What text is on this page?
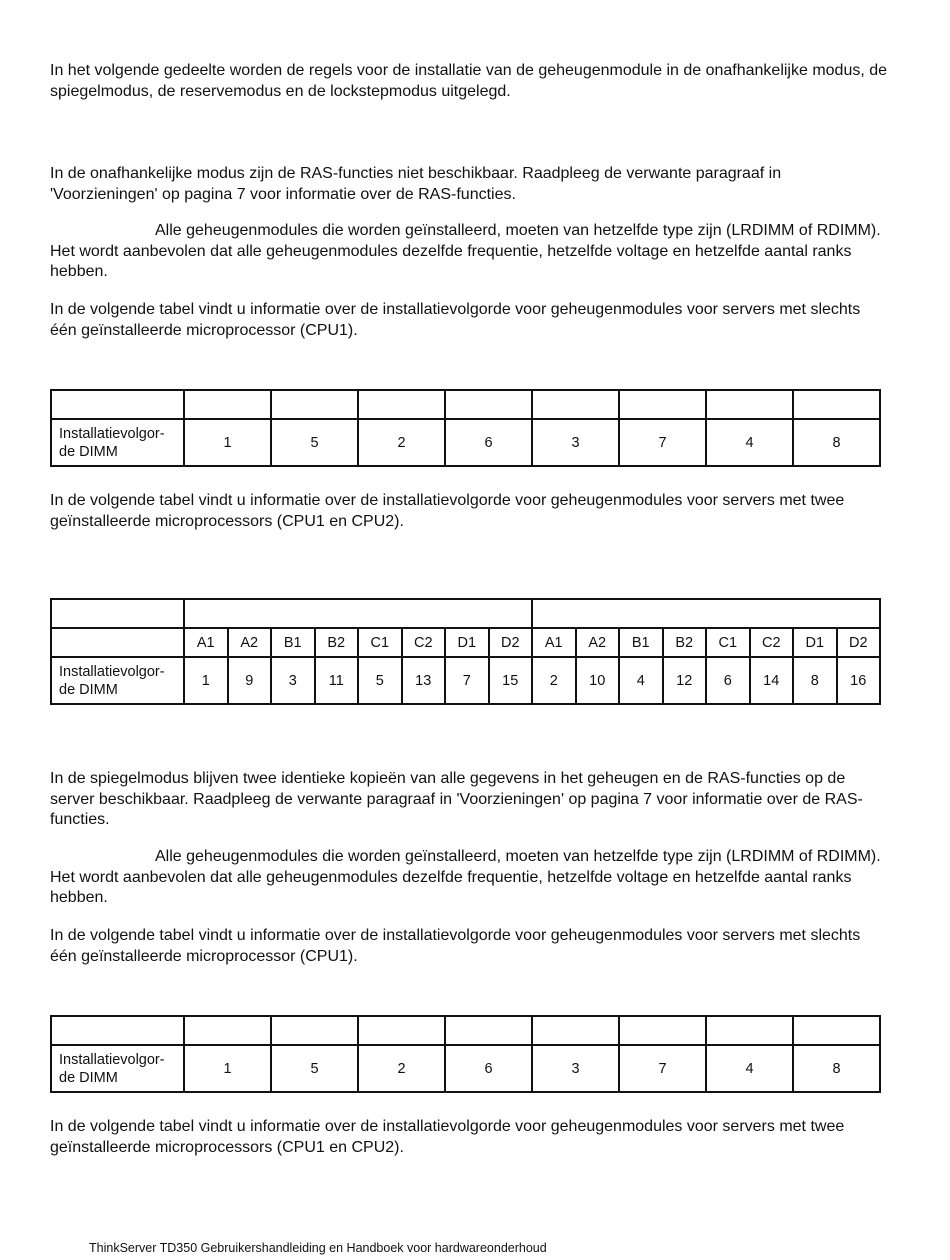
In het volgende gedeelte worden de regels voor de installatie van de geheugenmodule in de onafhankelijke modus, de spiegelmodus, de reservemodus en de lockstepmodus uitgelegd.

In de onafhankelijke modus zijn de RAS-functies niet beschikbaar. Raadpleeg de verwante paragraaf in 'Voorzieningen' op pagina 7 voor informatie over de RAS-functies.

Alle geheugenmodules die worden geïnstalleerd, moeten van hetzelfde type zijn (LRDIMM of RDIMM). Het wordt aanbevolen dat alle geheugenmodules dezelfde frequentie, hetzelfde voltage en hetzelfde aantal ranks hebben.

In de volgende tabel vindt u informatie over de installatievolgorde voor geheugenmodules voor servers met slechts één geïnstalleerde microprocessor (CPU1).

Installatievolgor-
de DIMM	1	5	2	6	3	7	4	8

In de volgende tabel vindt u informatie over de installatievolgorde voor geheugenmodules voor servers met twee geïnstalleerde microprocessors (CPU1 en CPU2).

	A1	A2	B1	B2	C1	C2	D1	D2	A1	A2	B1	B2	C1	C2	D1	D2
Installatievolgor-
de DIMM	1	9	3	11	5	13	7	15	2	10	4	12	6	14	8	16

In de spiegelmodus blijven twee identieke kopieën van alle gegevens in het geheugen en de RAS-functies op de server beschikbaar. Raadpleeg de verwante paragraaf in 'Voorzieningen' op pagina 7 voor informatie over de RAS-functies.

Alle geheugenmodules die worden geïnstalleerd, moeten van hetzelfde type zijn (LRDIMM of RDIMM). Het wordt aanbevolen dat alle geheugenmodules dezelfde frequentie, hetzelfde voltage en hetzelfde aantal ranks hebben.

In de volgende tabel vindt u informatie over de installatievolgorde voor geheugenmodules voor servers met slechts één geïnstalleerde microprocessor (CPU1).

Installatievolgor-
de DIMM	1	5	2	6	3	7	4	8

In de volgende tabel vindt u informatie over de installatievolgorde voor geheugenmodules voor servers met twee geïnstalleerde microprocessors (CPU1 en CPU2).

ThinkServer TD350 Gebruikershandleiding en Handboek voor hardwareonderhoud
